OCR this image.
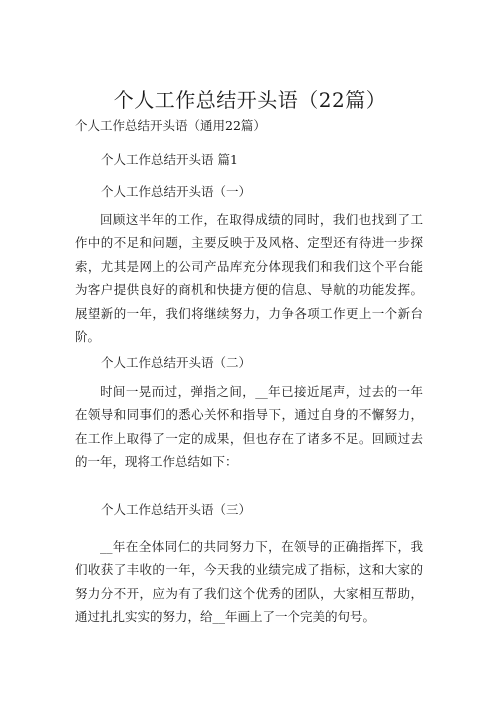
个人工作总结开头语（22篇）

个人工作总结开头语（通用22篇）

个人工作总结开头语 篇1

个人工作总结开头语（一）

回顾这半年的工作，在取得成绩的同时，我们也找到了工作中的不足和问题，主要反映于及风格、定型还有待进一步探索，尤其是网上的公司产品库充分体现我们和我们这个平台能为客户提供良好的商机和快捷方便的信息、导航的功能发挥。展望新的一年，我们将继续努力，力争各项工作更上一个新台阶。

个人工作总结开头语（二）

时间一晃而过，弹指之间，__年已接近尾声，过去的一年在领导和同事们的悉心关怀和指导下，通过自身的不懈努力，在工作上取得了一定的成果，但也存在了诸多不足。回顾过去的一年，现将工作总结如下：

个人工作总结开头语（三）

__年在全体同仁的共同努力下，在领导的正确指挥下，我们收获了丰收的一年，今天我的业绩完成了指标，这和大家的努力分不开，应为有了我们这个优秀的团队，大家相互帮助，通过扎扎实实的努力，给__年画上了一个完美的句号。
